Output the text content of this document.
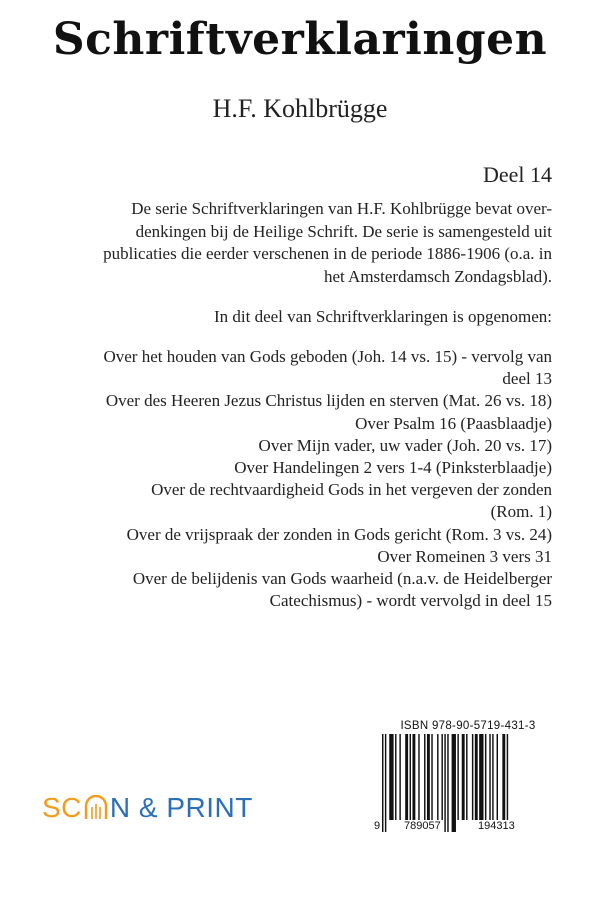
Schriftverklaringen
H.F. Kohlbrügge
Deel 14
De serie Schriftverklaringen van H.F. Kohlbrügge bevat over-
denkingen bij de Heilige Schrift. De serie is samengesteld uit
publicaties die eerder verschenen in de periode 1886-1906 (o.a. in
het Amsterdamsch Zondagsblad).
In dit deel van Schriftverklaringen is opgenomen:
Over het houden van Gods geboden (Joh. 14 vs. 15) - vervolg van
deel 13
Over des Heeren Jezus Christus lijden en sterven (Mat. 26 vs. 18)
Over Psalm 16 (Paasblaadje)
Over Mijn vader, uw vader (Joh. 20 vs. 17)
Over Handelingen 2 vers 1-4 (Pinksterblaadje)
Over de rechtvaardigheid Gods in het vergeven der zonden
(Rom. 1)
Over de vrijspraak der zonden in Gods gericht (Rom. 3 vs. 24)
Over Romeinen 3 vers 31
Over de belijdenis van Gods waarheid (n.a.v. de Heidelberger
Catechismus) - wordt vervolgd in deel 15
SC N & PRINT
ISBN 978-90-5719-431-3
9 789057	194313
